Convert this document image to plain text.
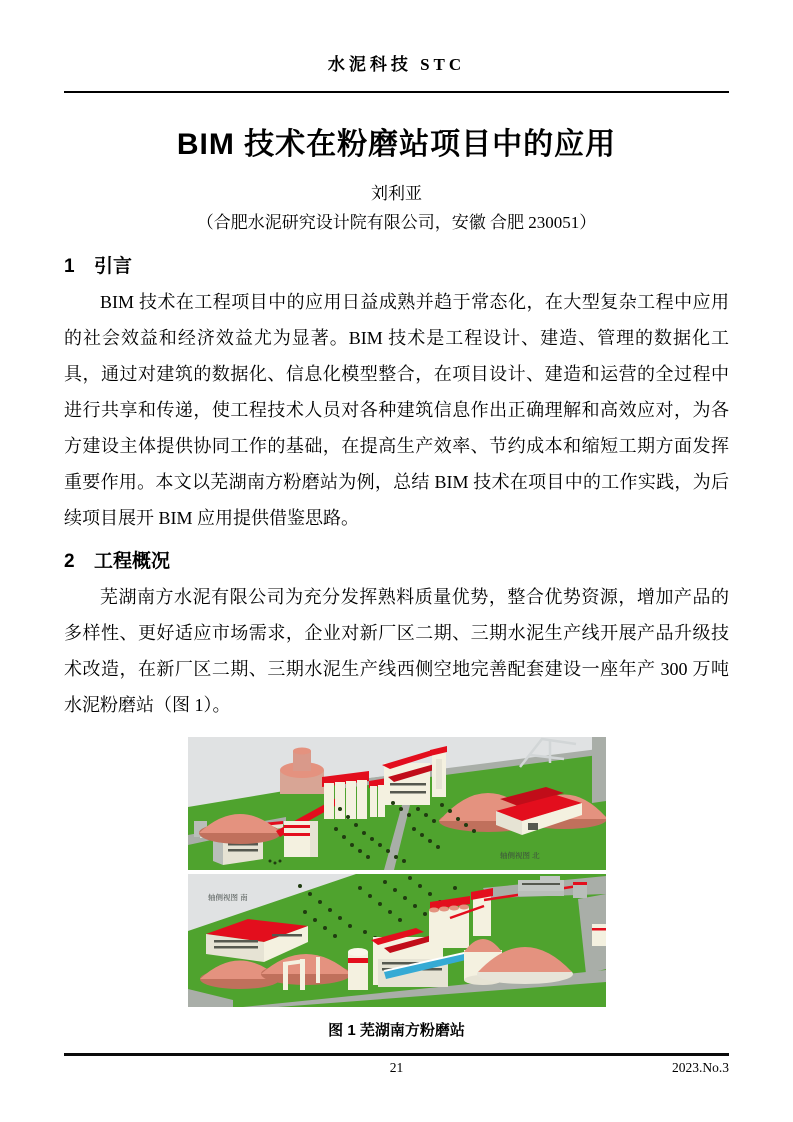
水泥科技 STC
BIM 技术在粉磨站项目中的应用
刘利亚
（合肥水泥研究设计院有限公司，安徽 合肥 230051）
1 引言

BIM 技术在工程项目中的应用日益成熟并趋于常态化，在大型复杂工程中应用的社会效益和经济效益尤为显著。BIM 技术是工程设计、建造、管理的数据化工具，通过对建筑的数据化、信息化模型整合，在项目设计、建造和运营的全过程中进行共享和传递，使工程技术人员对各种建筑信息作出正确理解和高效应对，为各方建设主体提供协同工作的基础，在提高生产效率、节约成本和缩短工期方面发挥重要作用。本文以芜湖南方粉磨站为例，总结 BIM 技术在项目中的工作实践，为后续项目展开 BIM 应用提供借鉴思路。

2 工程概况

芜湖南方水泥有限公司为充分发挥熟料质量优势，整合优势资源，增加产品的多样性、更好适应市场需求，企业对新厂区二期、三期水泥生产线开展产品升级技术改造，在新厂区二期、三期水泥生产线西侧空地完善配套建设一座年产 300 万吨水泥粉磨站（图 1）。

轴侧视图 北
轴侧视图 南
图 1 芜湖南方粉磨站
21	2023.No.3
